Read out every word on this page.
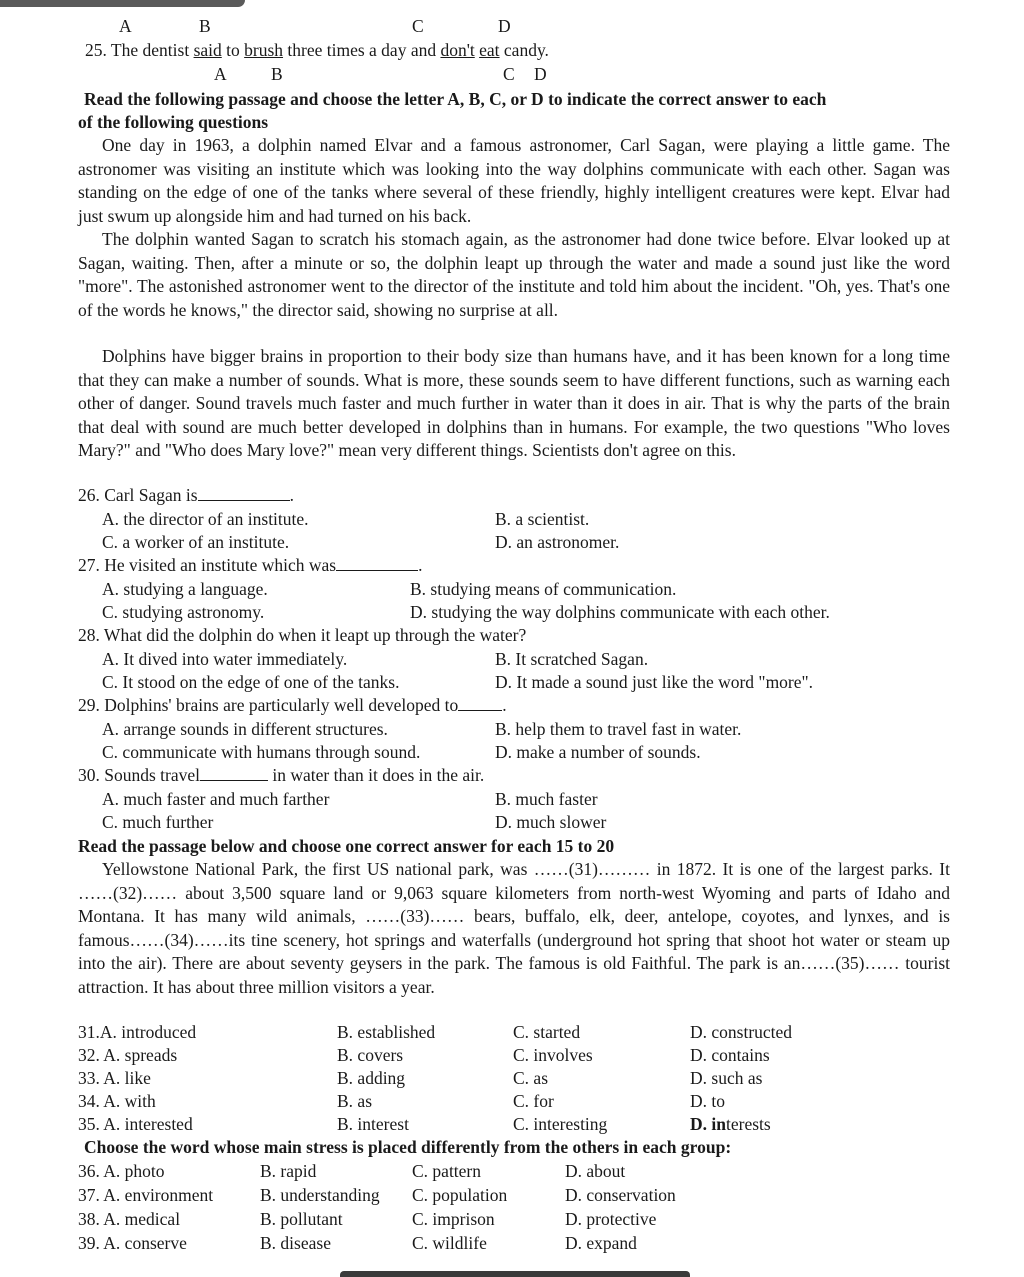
A	B	C	D
25. The dentist said to brush three times a day and don't eat candy.
A	B	C D
Read the following passage and choose the letter A, B, C, or D to indicate the correct answer to each
of the following questions
One day in 1963, a dolphin named Elvar and a famous astronomer, Carl Sagan, were playing a little game. The astronomer was visiting an institute which was looking into the way dolphins communicate with each other. Sagan was standing on the edge of one of the tanks where several of these friendly, highly intelligent creatures were kept. Elvar had just swum up alongside him and had turned on his back.
The dolphin wanted Sagan to scratch his stomach again, as the astronomer had done twice before. Elvar looked up at Sagan, waiting. Then, after a minute or so, the dolphin leapt up through the water and made a sound just like the word "more". The astonished astronomer went to the director of the institute and told him about the incident. "Oh, yes. That's one of the words he knows," the director said, showing no surprise at all.
Dolphins have bigger brains in proportion to their body size than humans have, and it has been known for a long time that they can make a number of sounds. What is more, these sounds seem to have different functions, such as warning each other of danger. Sound travels much faster and much further in water than it does in air. That is why the parts of the brain that deal with sound are much better developed in dolphins than in humans. For example, the two questions "Who loves Mary?" and "Who does Mary love?" mean very different things. Scientists don't agree on this.
26. Carl Sagan is	.
A. the director of an institute.	B. a scientist.
C. a worker of an institute.	D. an astronomer.
27. He visited an institute which was	.
A. studying a language.	B. studying means of communication.
C. studying astronomy.	D. studying the way dolphins communicate with each other.
28. What did the dolphin do when it leapt up through the water?
A. It dived into water immediately.	B. It scratched Sagan.
C. It stood on the edge of one of the tanks.	D. It made a sound just like the word "more".
29. Dolphins' brains are particularly well developed to	.
A. arrange sounds in different structures.	B. help them to travel fast in water.
C. communicate with humans through sound.	D. make a number of sounds.
30. Sounds travel	in water than it does in the air.
A. much faster and much farther	B. much faster
C. much further	D. much slower
Read the passage below and choose one correct answer for each 15 to 20
Yellowstone National Park, the first US national park, was ……(31)……… in 1872. It is one of the largest parks. It ……(32)…… about 3,500 square land or 9,063 square kilometers from north-west Wyoming and parts of Idaho and Montana. It has many wild animals, ……(33)…… bears, buffalo, elk, deer, antelope, coyotes, and lynxes, and is famous……(34)……its tine scenery, hot springs and waterfalls (underground hot spring that shoot hot water or steam up into the air). There are about seventy geysers in the park. The famous is old Faithful. The park is an……(35)…… tourist attraction. It has about three million visitors a year.
31.A. introduced	B. established	C. started	D. constructed
32. A. spreads	B. covers	C. involves	D. contains
33. A. like	B. adding	C. as	D. such as
34. A. with	B. as	C. for	D. to
35. A. interested	B. interest	C. interesting	D. interests
Choose the word whose main stress is placed differently from the others in each group:
36. A. photo	B. rapid	C. pattern	D. about
37. A. environment	B. understanding C. population	D. conservation
38. A. medical	B. pollutant	C. imprison	D. protective
39. A. conserve	B. disease	C. wildlife	D. expand
